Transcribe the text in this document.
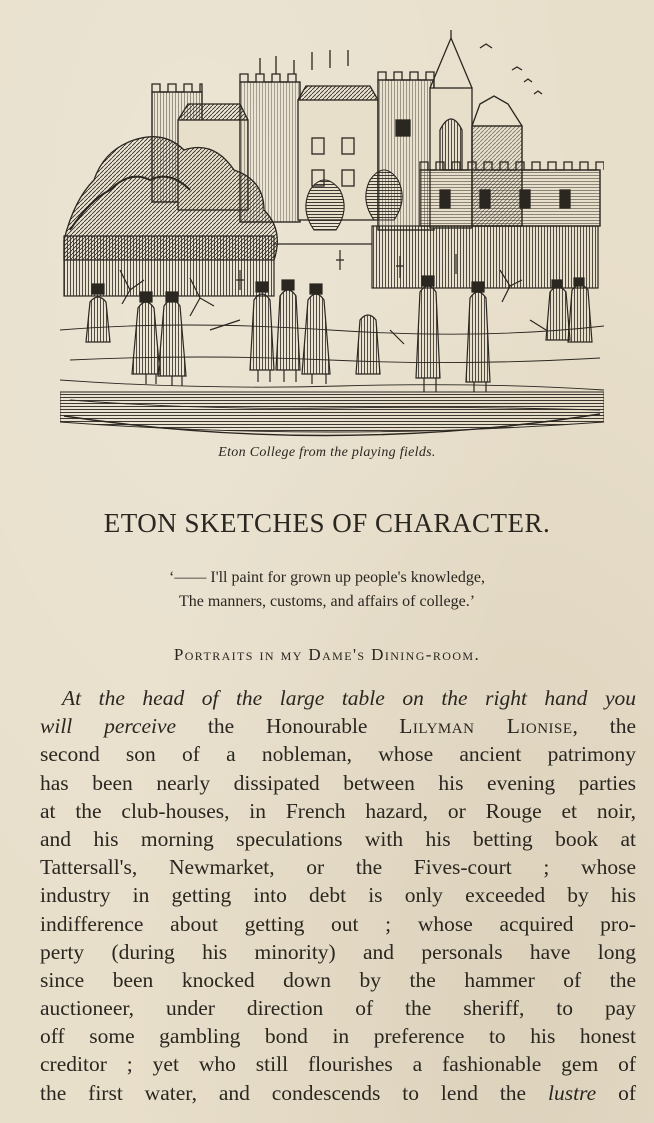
Eton College from the playing fields.
ETON SKETCHES OF CHARACTER.
‘—— I'll paint for grown up people's knowledge,
The manners, customs, and affairs of college.’
Portraits in my Dame's Dining-room.
At the head of the large table on the right hand you
will perceive the Honourable Lilyman Lionise, the
second son of a nobleman, whose ancient patrimony
has been nearly dissipated between his evening parties
at the club-houses, in French hazard, or Rouge et noir,
and his morning speculations with his betting book at
Tattersall's, Newmarket, or the Fives-court ; whose
industry in getting into debt is only exceeded by his
indifference about getting out ; whose acquired pro-
perty (during his minority) and personals have long
since been knocked down by the hammer of the
auctioneer, under direction of the sheriff, to pay
off some gambling bond in preference to his honest
creditor ; yet who still flourishes a fashionable gem of
the first water, and condescends to lend the lustre of
